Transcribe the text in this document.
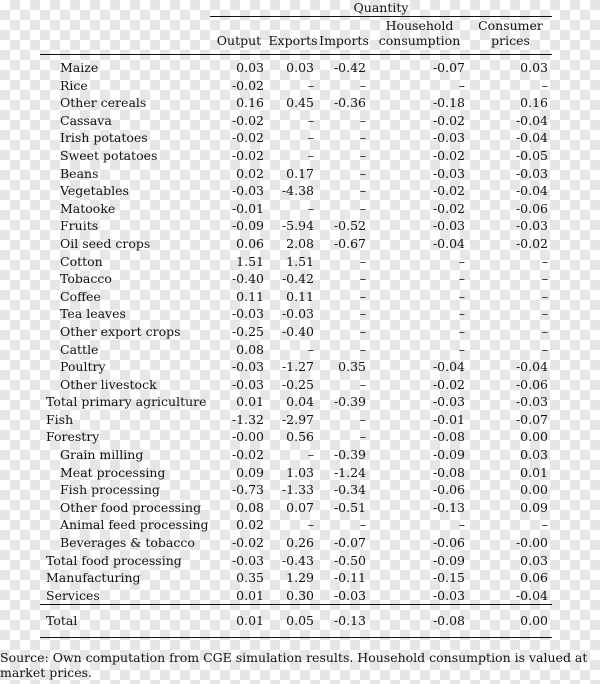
	Quantity				
	Output	Exports	Imports	Household consumption	Consumer prices
Maize	0.03	0.03	-0.42	-0.07	0.03
Rice	-0.02	–	–	–	–
Other cereals	0.16	0.45	-0.36	-0.18	0.16
Cassava	-0.02	–	–	-0.02	-0.04
Irish potatoes	-0.02	–	–	-0.03	-0.04
Sweet potatoes	-0.02	–	–	-0.02	-0.05
Beans	0.02	0.17	–	-0.03	-0.03
Vegetables	-0.03	-4.38	–	-0.02	-0.04
Matooke	-0.01	–	–	-0.02	-0.06
Fruits	-0.09	-5.94	-0.52	-0.03	-0.03
Oil seed crops	0.06	2.08	-0.67	-0.04	-0.02
Cotton	1.51	1.51	–	–	–
Tobacco	-0.40	-0.42	–	–	–
Coffee	0.11	0.11	–	–	–
Tea leaves	-0.03	-0.03	–	–	–
Other export crops	-0.25	-0.40	–	–	–
Cattle	0.08	–	–	–	–
Poultry	-0.03	-1.27	0.35	-0.04	-0.04
Other livestock	-0.03	-0.25	–	-0.02	-0.06
Total primary agriculture	0.01	0.04	-0.39	-0.03	-0.03
Fish	-1.32	-2.97	–	-0.01	-0.07
Forestry	-0.00	0.56	–	-0.08	0.00
Grain milling	-0.02	–	-0.39	-0.09	0.03
Meat processing	0.09	1.03	-1.24	-0.08	0.01
Fish processing	-0.73	-1.33	-0.34	-0.06	0.00
Other food processing	0.08	0.07	-0.51	-0.13	0.09
Animal feed processing	0.02	–	–	–	–
Beverages & tobacco	-0.02	0.26	-0.07	-0.06	-0.00
Total food processing	-0.03	-0.43	-0.50	-0.09	0.03
Manufacturing	0.35	1.29	-0.11	-0.15	0.06
Services	0.01	0.30	-0.03	-0.03	-0.04
Total	0.01	0.05	-0.13	-0.08	0.00
Source: Own computation from CGE simulation results. Household consumption is valued at market prices.
